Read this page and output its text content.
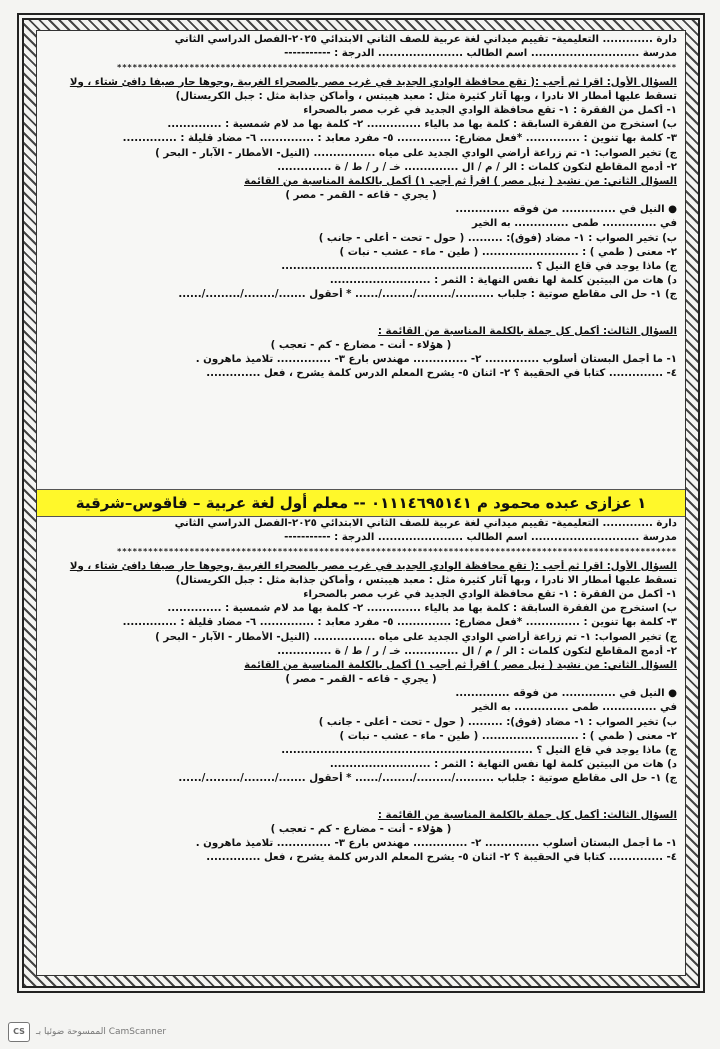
دارة ............. التعليمية- تقييم ميداني لغة عربية للصف الثاني الابتدائي ٢٠٢٥-الفصل الدراسي الثاني
مدرسة ............................ اسم الطالب ...................... الدرجة : -----------
************************************************************************************************************
السؤال الأول: اقرا ثم أجب :( تقع محافظة الوادي الجديد في غرب مصر بالصحراء الغربية ,وجوها حار صيفا دافئ شتاء ، ولا
تسقط عليها أمطار الا نادرا ، وبها آثار كثيرة مثل : معبد هيبتس ، وأماكن جذابة مثل : جبل الكريستال)
١- أكمل من الفقرة : ١- تقع محافظة الوادي الجديد في غرب مصر بالصحراء
ب) استخرج من الفقرة السابقة : كلمة بها مد بالياء .............. ٢- كلمة بها مد لام شمسية : ..............
٣- كلمة بها تنوين : .............. *فعل مضارع: .............. ٥- مفرد معابد : .............. ٦- مضاد قليلة : ..............
ج) تخير الصواب: ١- تم زراعة أراضي الوادي الجديد على مياه ................ (النيل- الأمطار - الآبار - البحر )
٢- أدمج المقاطع لتكون كلمات : الر / م / ال .............. خـ / ر / ط / ة ..............
السؤال الثاني: من نشيد ( نيل مصر ) اقرأ ثم أجب ١) أكمل بالكلمة المناسبة من القائمة
( يجري - قاعه - القمر - مصر )
● النيل في .............. من فوقه ..............
في .............. طمى .............. به الخير
ب) تخير الصواب : ١- مضاد (فوق): ......... ( حول - تحت - أعلى - جانب )
٢- معنى ( طمي ) : ......................... ( طين - ماء - عشب - نبات )
ج) ماذا يوجد في قاع النيل ؟ .................................................................
د) هات من البيتين كلمة لها نفس النهاية : الثمر : ..........................
ج) ١- حل الى مقاطع صوتية : جلباب ........../........./......../...... * أحقول ......./......../........./......
السؤال الثالث: أكمل كل جملة بالكلمة المناسبة من القائمة :
( هؤلاء - أنت - مضارع - كم - تعجب )
١- ما أجمل البستان أسلوب .............. ٢- .............. مهندس بارع ٣- .............. تلاميذ ماهرون .
٤- .............. كتابا في الحقيبة ؟ ٢- اثنان ٥- يشرح المعلم الدرس كلمة يشرح ، فعل ..............
١ عزازى عبده محمود م ٠١١١٤٦٩٥١٤١ -- معلم أول لغة عربية – فاقوس–شرقية
دارة ............. التعليمية- تقييم ميداني لغة عربية للصف الثاني الابتدائي ٢٠٢٥-الفصل الدراسي الثاني
مدرسة ............................ اسم الطالب ...................... الدرجة : -----------
************************************************************************************************************
السؤال الأول: اقرا ثم أجب :( تقع محافظة الوادي الجديد في غرب مصر بالصحراء الغربية ,وجوها حار صيفا دافئ شتاء ، ولا
تسقط عليها أمطار الا نادرا ، وبها آثار كثيرة مثل : معبد هيبتس ، وأماكن جذابة مثل : جبل الكريستال)
١- أكمل من الفقرة : ١- تقع محافظة الوادي الجديد في غرب مصر بالصحراء
ب) استخرج من الفقرة السابقة : كلمة بها مد بالياء .............. ٢- كلمة بها مد لام شمسية : ..............
٣- كلمة بها تنوين : .............. *فعل مضارع: .............. ٥- مفرد معابد : .............. ٦- مضاد قليلة : ..............
ج) تخير الصواب: ١- تم زراعة أراضي الوادي الجديد على مياه ................ (النيل- الأمطار - الآبار - البحر )
٢- أدمج المقاطع لتكون كلمات : الر / م / ال .............. خـ / ر / ط / ة ..............
السؤال الثاني: من نشيد ( نيل مصر ) اقرأ ثم أجب ١) أكمل بالكلمة المناسبة من القائمة
( يجري - قاعه - القمر - مصر )
● النيل في .............. من فوقه ..............
في .............. طمى .............. به الخير
ب) تخير الصواب : ١- مضاد (فوق): ......... ( حول - تحت - أعلى - جانب )
٢- معنى ( طمي ) : ......................... ( طين - ماء - عشب - نبات )
ج) ماذا يوجد في قاع النيل ؟ .................................................................
د) هات من البيتين كلمة لها نفس النهاية : الثمر : ..........................
ج) ١- حل الى مقاطع صوتية : جلباب ........../........./......../...... * أحقول ......./......../........./......
السؤال الثالث: أكمل كل جملة بالكلمة المناسبة من القائمة :
( هؤلاء - أنت - مضارع - كم - تعجب )
١- ما أجمل البستان أسلوب .............. ٢- .............. مهندس بارع ٣- .............. تلاميذ ماهرون .
٤- .............. كتابا في الحقيبة ؟ ٢- اثنان ٥- يشرح المعلم الدرس كلمة يشرح ، فعل ..............
CS	الممسوحة ضوئيا بـ CamScanner
